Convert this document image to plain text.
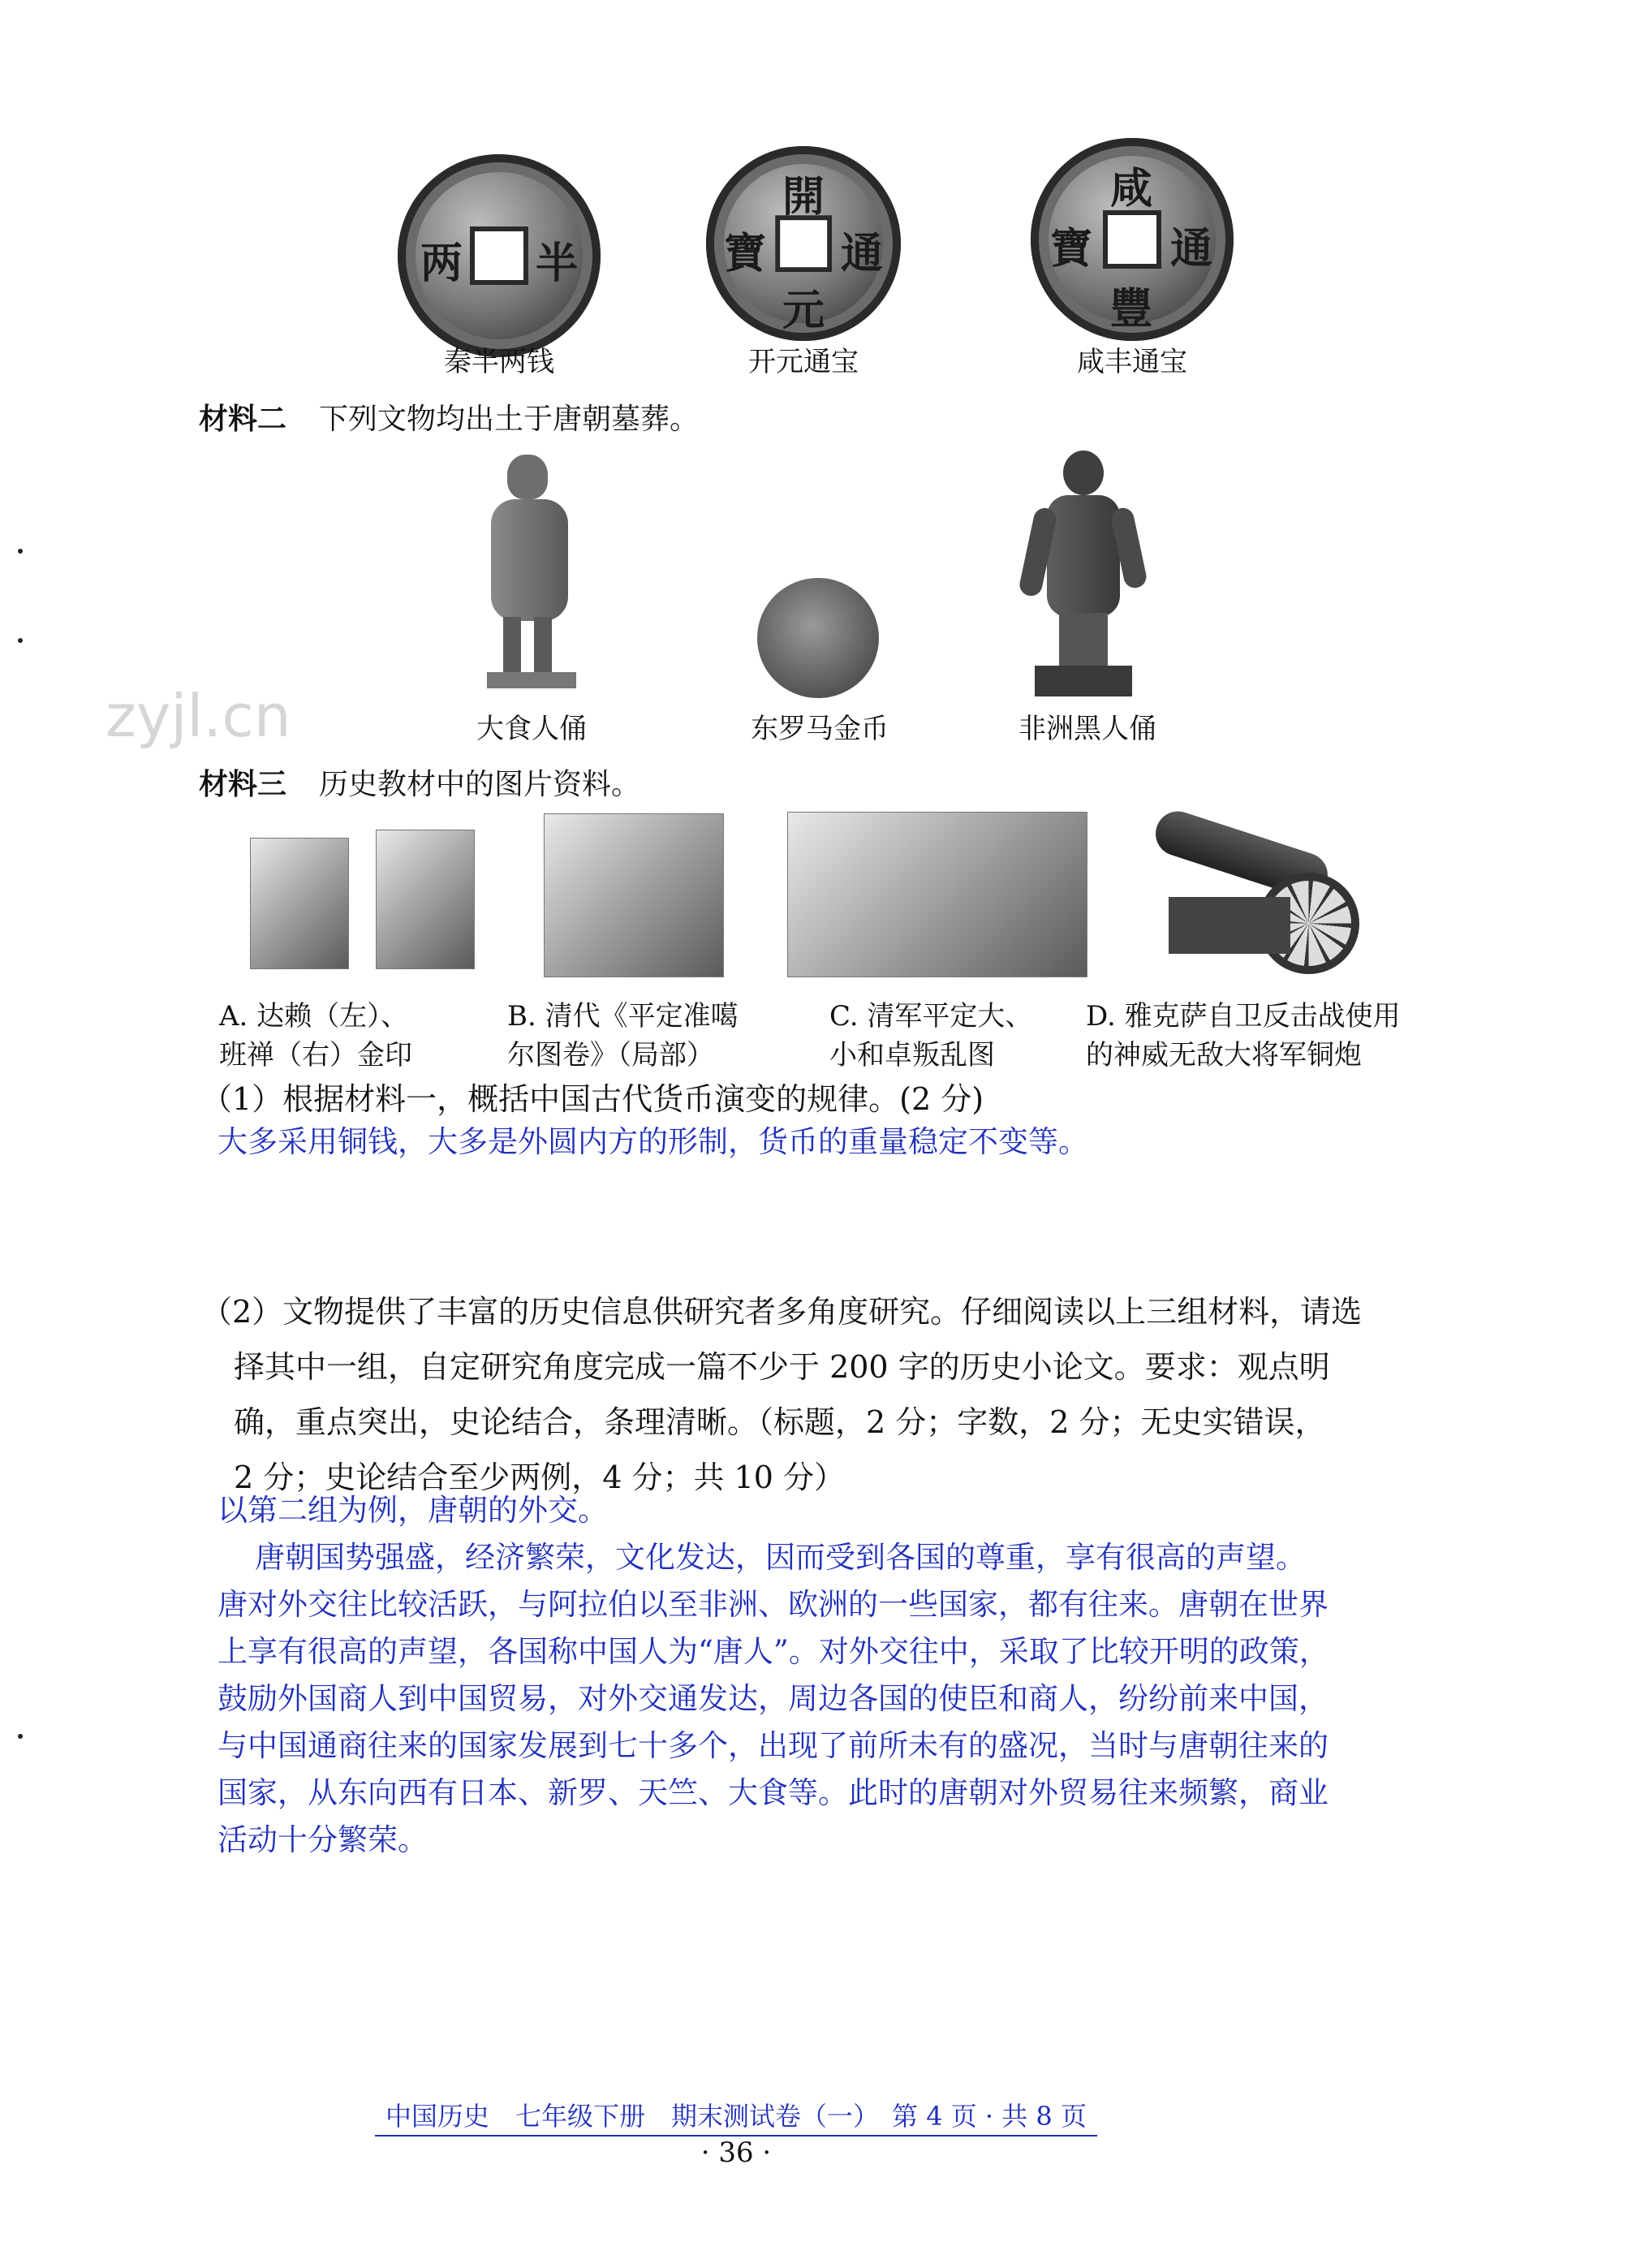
半
两
秦半两钱
開
元
通
寶
开元通宝
咸
豐
通
寶
咸丰通宝
材料二 下列文物均出土于唐朝墓葬。
大食人俑	东罗马金币	非洲黑人俑
zyjl.cn
材料三 历史教材中的图片资料。
A. 达赖（左）、
班禅（右）金印
B. 清代《平定准噶
尔图卷》（局部）
C. 清军平定大、
小和卓叛乱图
D. 雅克萨自卫反击战使用
的神威无敌大将军铜炮
（1）根据材料一，概括中国古代货币演变的规律。(2 分)
大多采用铜钱，大多是外圆内方的形制，货币的重量稳定不变等。
（2）文物提供了丰富的历史信息供研究者多角度研究。仔细阅读以上三组材料，请选
择其中一组，自定研究角度完成一篇不少于 200 字的历史小论文。要求：观点明
确，重点突出，史论结合，条理清晰。（标题，2 分；字数，2 分；无史实错误，
2 分；史论结合至少两例，4 分；共 10 分）
以第二组为例，唐朝的外交。
唐朝国势强盛，经济繁荣，文化发达，因而受到各国的尊重，享有很高的声望。
唐对外交往比较活跃，与阿拉伯以至非洲、欧洲的一些国家，都有往来。唐朝在世界
上享有很高的声望，各国称中国人为“唐人”。对外交往中，采取了比较开明的政策，
鼓励外国商人到中国贸易，对外交通发达，周边各国的使臣和商人，纷纷前来中国，
与中国通商往来的国家发展到七十多个，出现了前所未有的盛况，当时与唐朝往来的
国家，从东向西有日本、新罗、天竺、大食等。此时的唐朝对外贸易往来频繁，商业
活动十分繁荣。
中国历史　七年级下册　期末测试卷（一）　第 4 页 · 共 8 页
· 36 ·
